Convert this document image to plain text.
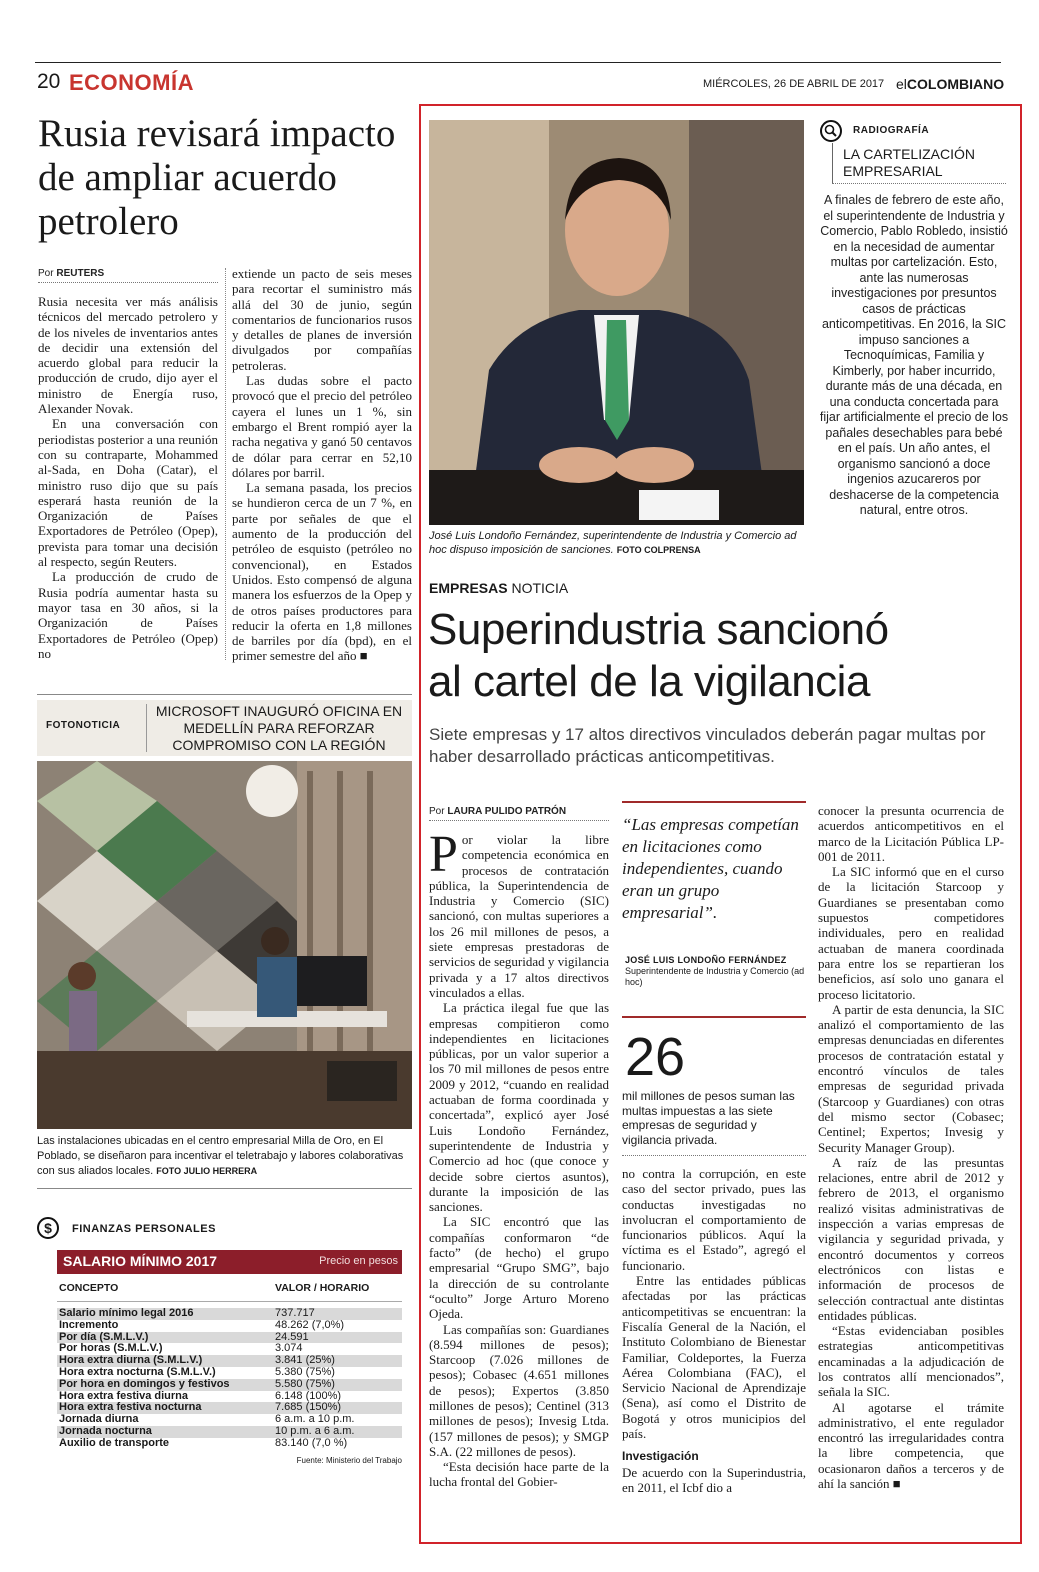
20 ECONOMÍA	MIÉRCOLES, 26 DE ABRIL DE 2017 elCOLOMBIANO
Rusia revisará impacto de ampliar acuerdo petrolero
Por REUTERS

Rusia necesita ver más análisis técnicos del mercado petrolero y de los niveles de inventarios antes de decidir una extensión del acuerdo global para reducir la producción de crudo, dijo ayer el ministro de Energía ruso, Alexander Novak.

En una conversación con periodistas posterior a una reunión con su contraparte, Mohammed al-Sada, en Doha (Catar), el ministro ruso dijo que su país esperará hasta reunión de la Organización de Países Exportadores de Petróleo (Opep), prevista para tomar una decisión al respecto, según Reuters.

La producción de crudo de Rusia podría aumentar hasta su mayor tasa en 30 años, si la Organización de Países Exportadores de Petróleo (Opep) no

extiende un pacto de seis meses para recortar el suministro más allá del 30 de junio, según comentarios de funcionarios rusos y detalles de planes de inversión divulgados por compañías petroleras.

Las dudas sobre el pacto provocó que el precio del petróleo cayera el lunes un 1 %, sin embargo el Brent rompió ayer la racha negativa y ganó 50 centavos de dólar para cerrar en 52,10 dólares por barril.

La semana pasada, los precios se hundieron cerca de un 7 %, en parte por señales de que el aumento de la producción del petróleo de esquisto (petróleo no convencional), en Estados Unidos. Esto compensó de alguna manera los esfuerzos de la Opep y de otros países productores para reducir la oferta en 1,8 millones de barriles por día (bpd), en el primer semestre del año ■

FOTONOTICIA
MICROSOFT INAUGURÓ OFICINA EN MEDELLÍN PARA REFORZAR COMPROMISO CON LA REGIÓN
Las instalaciones ubicadas en el centro empresarial Milla de Oro, en El Poblado, se diseñaron para incentivar el teletrabajo y labores colaborativas con sus aliados locales. FOTO JULIO HERRERA
$	FINANZAS PERSONALES
SALARIO MÍNIMO 2017	Precio en pesos
CONCEPTO	VALOR / HORARIO
Salario mínimo legal 2016	737.717
Incremento	48.262 (7,0%)
Por día (S.M.L.V.)	24.591
Por horas (S.M.L.V.)	3.074
Hora extra diurna (S.M.L.V.)	3.841 (25%)
Hora extra nocturna (S.M.L.V.)	5.380 (75%)
Por hora en domingos y festivos	5.580 (75%)
Hora extra festiva diurna	6.148 (100%)
Hora extra festiva nocturna	7.685 (150%)
Jornada diurna	6 a.m. a 10 p.m.
Jornada nocturna	10 p.m. a 6 a.m.
Auxilio de transporte	83.140 (7,0 %)
Fuente: Ministerio del Trabajo
José Luis Londoño Fernández, superintendente de Industria y Comercio ad hoc dispuso imposición de sanciones. FOTO COLPRENSA
RADIOGRAFÍA
LA CARTELIZACIÓN EMPRESARIAL
A finales de febrero de este año, el superintendente de Industria y Comercio, Pablo Robledo, insistió en la necesidad de aumentar multas por cartelización. Esto, ante las numerosas investigaciones por presuntos casos de prácticas anticompetitivas. En 2016, la SIC impuso sanciones a Tecnoquímicas, Familia y Kimberly, por haber incurrido, durante más de una década, en una conducta concertada para fijar artificialmente el precio de los pañales desechables para bebé en el país. Un año antes, el organismo sancionó a doce ingenios azucareros por deshacerse de la competencia natural, entre otros.
EMPRESAS NOTICIA
Superindustria sancionó
al cartel de la vigilancia
Siete empresas y 17 altos directivos vinculados deberán pagar multas por haber desarrollado prácticas anticompetitivas.
Por LAURA PULIDO PATRÓN

Por violar la libre competencia económica en procesos de contratación pública, la Superintendencia de Industria y Comercio (SIC) sancionó, con multas superiores a los 26 mil millones de pesos, a siete empresas prestadoras de servicios de seguridad y vigilancia privada y a 17 altos directivos vinculados a ellas.

La práctica ilegal fue que las empresas compitieron como independientes en licitaciones públicas, por un valor superior a los 70 mil millones de pesos entre 2009 y 2012, “cuando en realidad actuaban de forma coordinada y concertada”, explicó ayer José Luis Londoño Fernández, superintendente de Industria y Comercio ad hoc (que conoce y decide sobre ciertos asuntos), durante la imposición de las sanciones.

La SIC encontró que las compañías conformaron “de facto” (de hecho) el grupo empresarial “Grupo SMG”, bajo la dirección de su controlante “oculto” Jorge Arturo Moreno Ojeda.

Las compañías son: Guardianes (8.594 millones de pesos); Starcoop (7.026 millones de pesos); Cobasec (4.651 millones de pesos); Expertos (3.850 millones de pesos); Centinel (313 millones de pesos); Invesig Ltda. (157 millones de pesos); y SMGP S.A. (22 millones de pesos).

“Esta decisión hace parte de la lucha frontal del Gobier-

“Las empresas competían en licitaciones como independientes, cuando eran un grupo empresarial”.
JOSÉ LUIS LONDOÑO FERNÁNDEZ
Superintendente de Industria y Comercio (ad hoc)
26
mil millones de pesos suman las multas impuestas a las siete empresas de seguridad y vigilancia privada.

no contra la corrupción, en este caso del sector privado, pues las conductas investigadas no involucran el comportamiento de funcionarios públicos. Aquí la víctima es el Estado”, agregó el funcionario.

Entre las entidades públicas afectadas por las prácticas anticompetitivas se encuentran: la Fiscalía General de la Nación, el Instituto Colombiano de Bienestar Familiar, Coldeportes, la Fuerza Aérea Colombiana (FAC), el Servicio Nacional de Aprendizaje (Sena), así como el Distrito de Bogotá y otros municipios del país.

Investigación

De acuerdo con la Superindustria, en 2011, el Icbf dio a

conocer la presunta ocurrencia de acuerdos anticompetitivos en el marco de la Licitación Pública LP-001 de 2011.

La SIC informó que en el curso de la licitación Starcoop y Guardianes se presentaban como supuestos competidores individuales, pero en realidad actuaban de manera coordinada para entre los se repartieran los beneficios, así solo uno ganara el proceso licitatorio.

A partir de esta denuncia, la SIC analizó el comportamiento de las empresas denunciadas en diferentes procesos de contratación estatal y encontró vínculos de tales empresas de seguridad privada (Starcoop y Guardianes) con otras del mismo sector (Cobasec; Centinel; Expertos; Invesig y Security Manager Group).

A raíz de las presuntas relaciones, entre abril de 2012 y febrero de 2013, el organismo realizó visitas administrativas de inspección a varias empresas de vigilancia y seguridad privada, y encontró documentos y correos electrónicos con listas e información de procesos de selección contractual ante distintas entidades públicas.

“Estas evidenciaban posibles estrategias anticompetitivas encaminadas a la adjudicación de los contratos allí mencionados”, señala la SIC.

Al agotarse el trámite administrativo, el ente regulador encontró las irregularidades contra la libre competencia, que ocasionaron daños a terceros y de ahí la sanción ■
